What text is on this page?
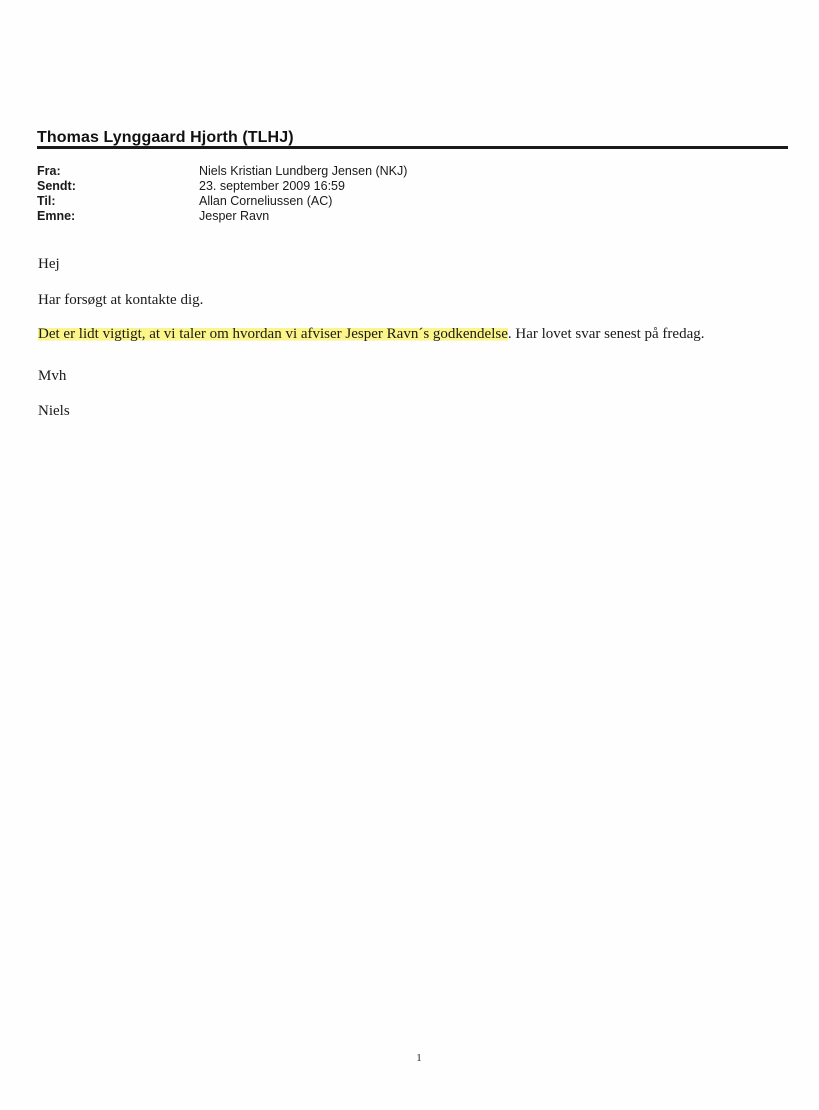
Thomas Lynggaard Hjorth (TLHJ)
Fra:	Niels Kristian Lundberg Jensen (NKJ)
Sendt:	23. september 2009 16:59
Til:	Allan Corneliussen (AC)
Emne:	Jesper Ravn
Hej
Har forsøgt at kontakte dig.
Det er lidt vigtigt, at vi taler om hvordan vi afviser Jesper Ravn´s godkendelse. Har lovet svar senest på fredag.
Mvh
Niels
1
